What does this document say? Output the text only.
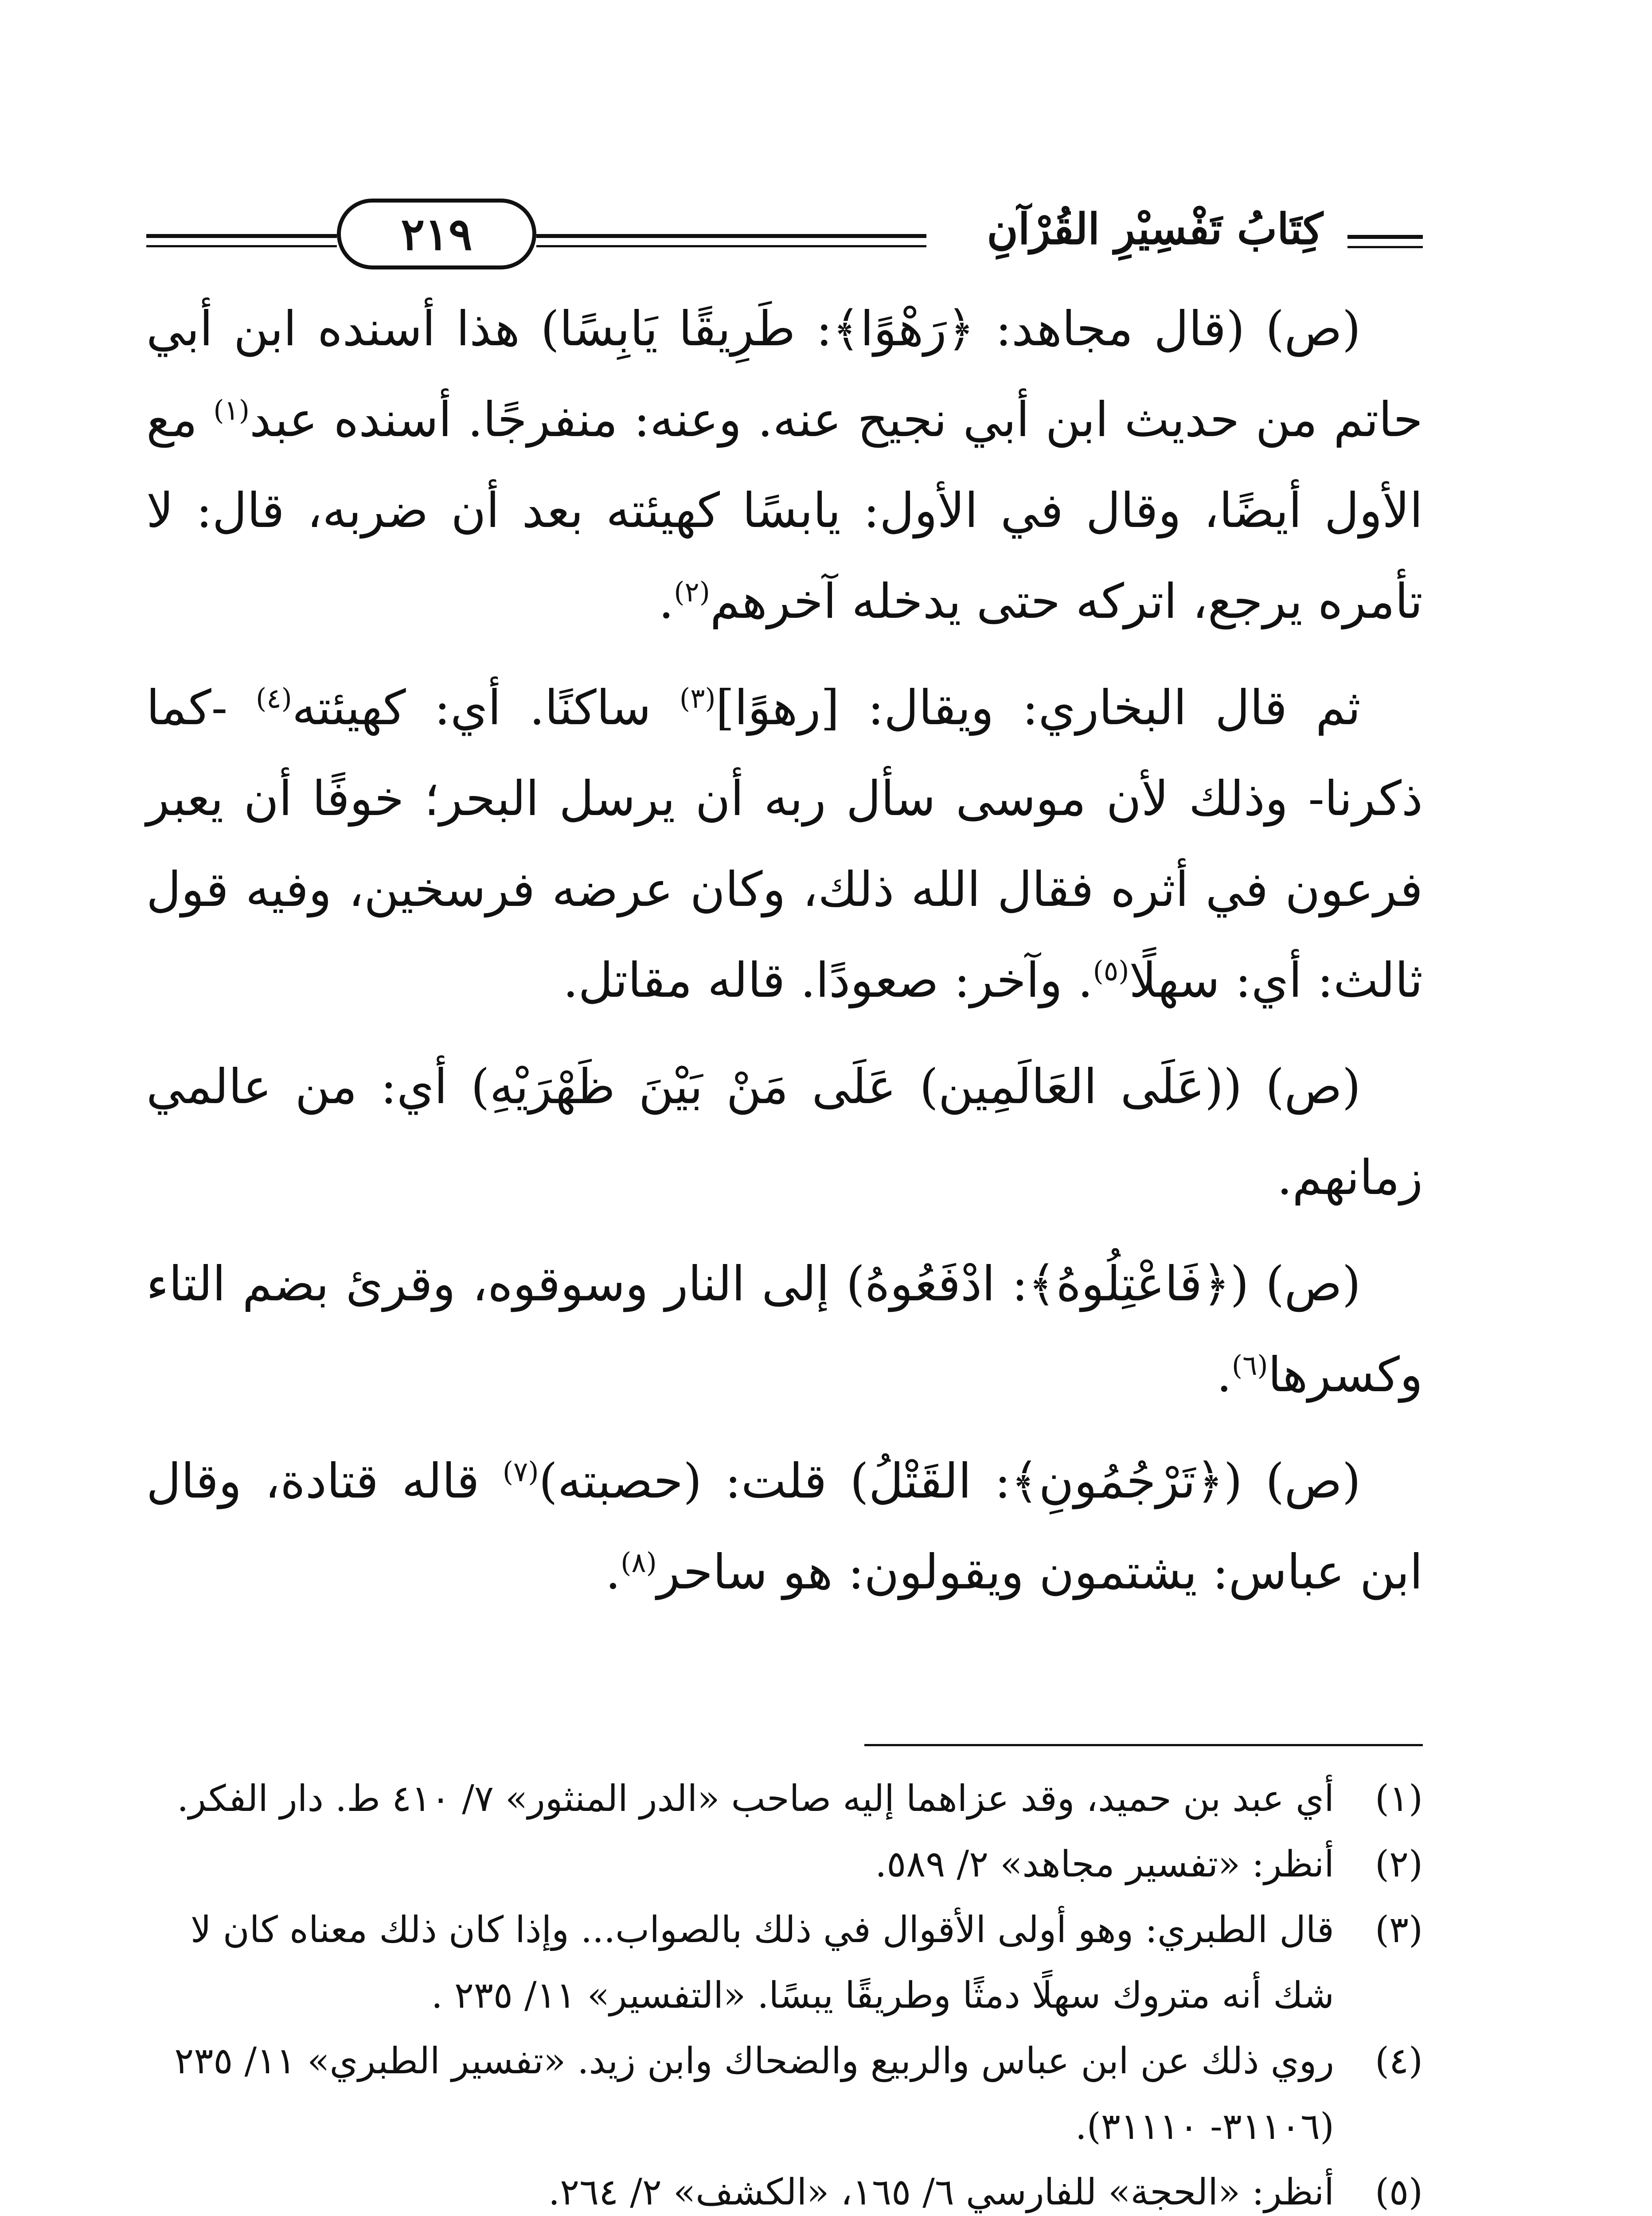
كِتَابُ تَفْسِيْرِ القُرْآنِ
٢١٩

(ص) (قال مجاهد: ﴿رَهْوًا﴾: طَرِيقًا يَابِسًا) هذا أسنده ابن أبي حاتم من حديث ابن أبي نجيح عنه. وعنه: منفرجًا. أسنده عبد$^{(١)}$ مع الأول أيضًا، وقال في الأول: يابسًا كهيئته بعد أن ضربه، قال: لا تأمره يرجع، اتركه حتى يدخله آخرهم$^{(٢)}$.

ثم قال البخاري: ويقال: [رهوًا]$^{(٣)}$ ساكنًا. أي: كهيئته$^{(٤)}$ -كما ذكرنا- وذلك لأن موسى سأل ربه أن يرسل البحر؛ خوفًا أن يعبر فرعون في أثره فقال الله ذلك، وكان عرضه فرسخين، وفيه قول ثالث: أي: سهلًا$^{(٥)}$. وآخر: صعودًا. قاله مقاتل.

(ص) ((عَلَى العَالَمِين) عَلَى مَنْ بَيْنَ ظَهْرَيْهِ) أي: من عالمي زمانهم.

(ص) (﴿فَاعْتِلُوهُ﴾: ادْفَعُوهُ) إلى النار وسوقوه، وقرئ بضم التاء وكسرها$^{(٦)}$.

(ص) (﴿تَرْجُمُونِ﴾: القَتْلُ) قلت: (حصبته)$^{(٧)}$ قاله قتادة، وقال ابن عباس: يشتمون ويقولون: هو ساحر$^{(٨)}$.

(١)
أي عبد بن حميد، وقد عزاهما إليه صاحب «الدر المنثور» ٧/ ٤١٠ ط. دار الفكر.

(٢)
أنظر: «تفسير مجاهد» ٢/ ٥٨٩.

(٣)
قال الطبري: وهو أولى الأقوال في ذلك بالصواب... وإذا كان ذلك معناه كان لا شك أنه متروك سهلًا دمثًا وطريقًا يبسًا. «التفسير» ١١/ ٢٣٥ .

(٤)
روي ذلك عن ابن عباس والربيع والضحاك وابن زيد. «تفسير الطبري» ١١/ ٢٣٥ (٣١١٠٦- ٣١١١٠).

(٥)
أنظر: «الحجة» للفارسي ٦/ ١٦٥، «الكشف» ٢/ ٢٦٤.
